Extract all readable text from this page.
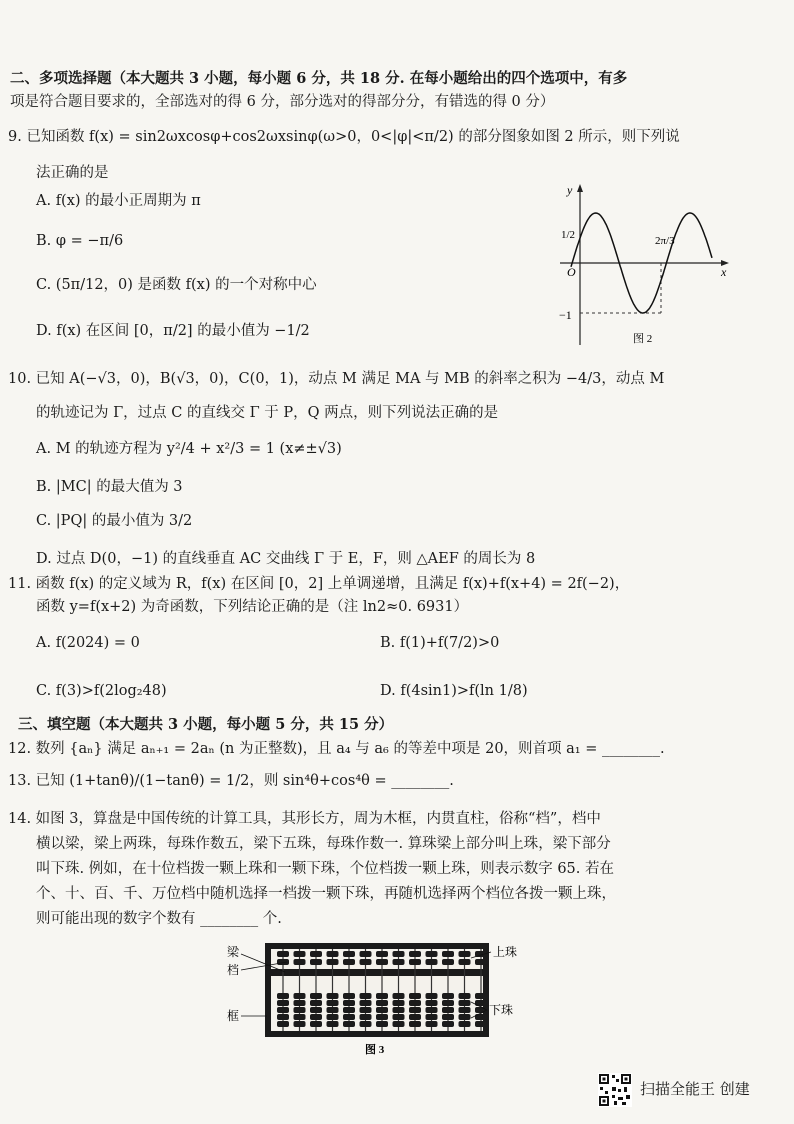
二、多项选择题（本大题共 3 小题，每小题 6 分，共 18 分. 在每小题给出的四个选项中，有多
项是符合题目要求的，全部选对的得 6 分，部分选对的得部分分，有错选的得 0 分）
9. 已知函数 f(x) = sin2ωxcosφ+cos2ωxsinφ(ω>0，0<|φ|<π/2) 的部分图象如图 2 所示，则下列说
法正确的是
A. f(x) 的最小正周期为 π
B. φ = −π/6
C. (5π/12，0) 是函数 f(x) 的一个对称中心
D. f(x) 在区间 [0，π/2] 的最小值为 −1/2
y
x
O
1/2
−1
2π/3
图 2
10. 已知 A(−√3，0)，B(√3，0)，C(0，1)，动点 M 满足 MA 与 MB 的斜率之积为 −4/3，动点 M
的轨迹记为 Γ，过点 C 的直线交 Γ 于 P，Q 两点，则下列说法正确的是
A. M 的轨迹方程为 y²/4 + x²/3 = 1 (x≠±√3)
B. |MC| 的最大值为 3
C. |PQ| 的最小值为 3/2
D. 过点 D(0，−1) 的直线垂直 AC 交曲线 Γ 于 E，F，则 △AEF 的周长为 8
11. 函数 f(x) 的定义域为 R，f(x) 在区间 [0，2] 上单调递增，且满足 f(x)+f(x+4) = 2f(−2)，
函数 y=f(x+2) 为奇函数，下列结论正确的是（注 ln2≈0. 6931）
A. f(2024) = 0	B. f(1)+f(7/2)>0
C. f(3)>f(2log₂48)	D. f(4sin1)>f(ln 1/8)
三、填空题（本大题共 3 小题，每小题 5 分，共 15 分）
12. 数列 {aₙ} 满足 aₙ₊₁ = 2aₙ (n 为正整数)，且 a₄ 与 a₆ 的等差中项是 20，则首项 a₁ = ________.
13. 已知 (1+tanθ)/(1−tanθ) = 1/2，则 sin⁴θ+cos⁴θ = ________.
14. 如图 3，算盘是中国传统的计算工具，其形长方，周为木框，内贯直柱，俗称“档”，档中
横以梁，梁上两珠，每珠作数五，梁下五珠，每珠作数一. 算珠梁上部分叫上珠，梁下部分
叫下珠. 例如，在十位档拨一颗上珠和一颗下珠，个位档拨一颗上珠，则表示数字 65. 若在
个、十、百、千、万位档中随机选择一档拨一颗下珠，再随机选择两个档位各拨一颗上珠，
则可能出现的数字个数有 ________ 个.
梁
档
框
上珠
下珠
图 3
扫描全能王 创建
